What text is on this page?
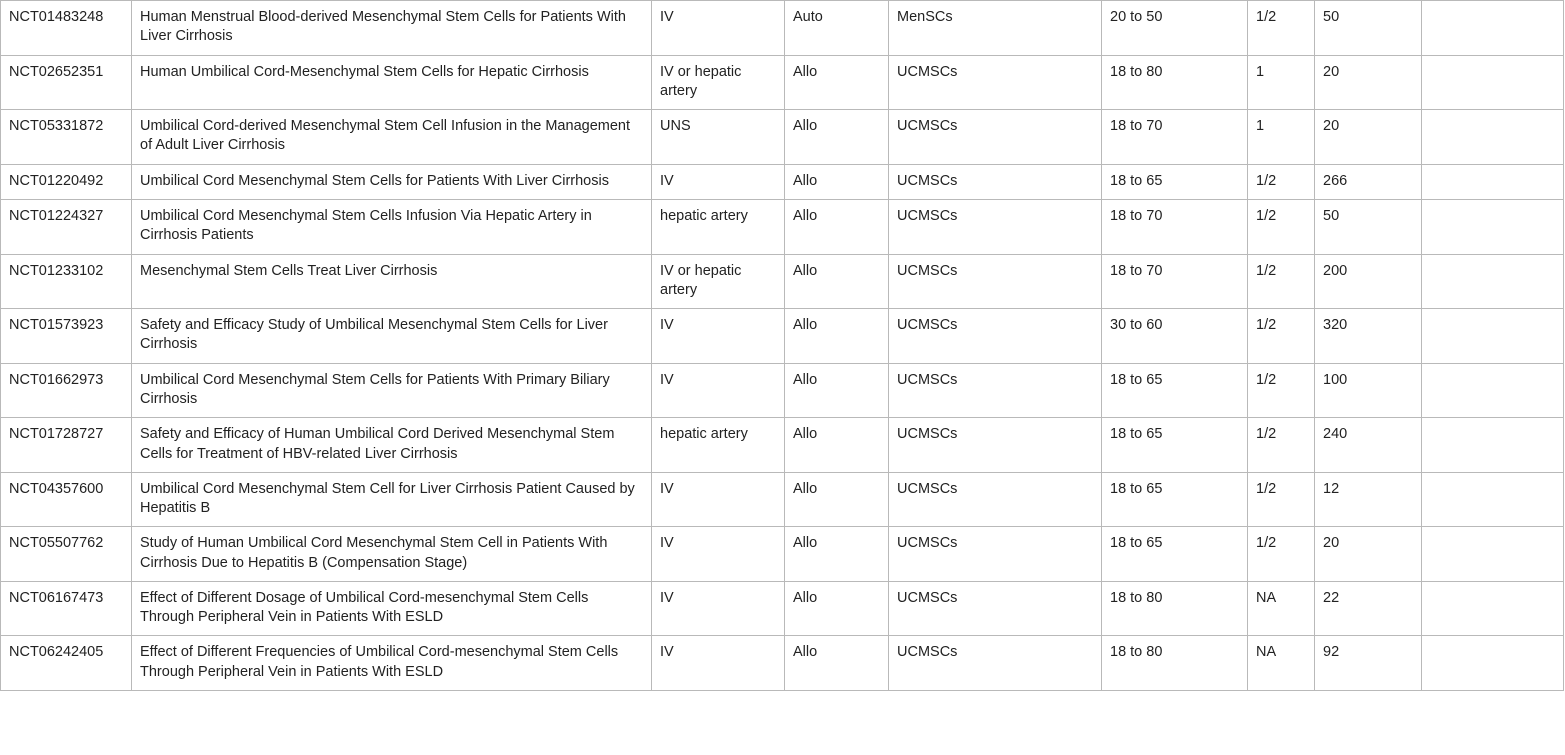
NCT01483248	Human Menstrual Blood-derived Mesenchymal Stem Cells for Patients With Liver Cirrhosis	IV	Auto	MenSCs	20 to 50	1/2	50	
NCT02652351	Human Umbilical Cord-Mesenchymal Stem Cells for Hepatic Cirrhosis	IV or hepatic artery	Allo	UCMSCs	18 to 80	1	20	
NCT05331872	Umbilical Cord-derived Mesenchymal Stem Cell Infusion in the Management of Adult Liver Cirrhosis	UNS	Allo	UCMSCs	18 to 70	1	20	
NCT01220492	Umbilical Cord Mesenchymal Stem Cells for Patients With Liver Cirrhosis	IV	Allo	UCMSCs	18 to 65	1/2	266	
NCT01224327	Umbilical Cord Mesenchymal Stem Cells Infusion Via Hepatic Artery in Cirrhosis Patients	hepatic artery	Allo	UCMSCs	18 to 70	1/2	50	
NCT01233102	Mesenchymal Stem Cells Treat Liver Cirrhosis	IV or hepatic artery	Allo	UCMSCs	18 to 70	1/2	200	
NCT01573923	Safety and Efficacy Study of Umbilical Mesenchymal Stem Cells for Liver Cirrhosis	IV	Allo	UCMSCs	30 to 60	1/2	320	
NCT01662973	Umbilical Cord Mesenchymal Stem Cells for Patients With Primary Biliary Cirrhosis	IV	Allo	UCMSCs	18 to 65	1/2	100	
NCT01728727	Safety and Efficacy of Human Umbilical Cord Derived Mesenchymal Stem Cells for Treatment of HBV-related Liver Cirrhosis	hepatic artery	Allo	UCMSCs	18 to 65	1/2	240	
NCT04357600	Umbilical Cord Mesenchymal Stem Cell for Liver Cirrhosis Patient Caused by Hepatitis B	IV	Allo	UCMSCs	18 to 65	1/2	12	
NCT05507762	Study of Human Umbilical Cord Mesenchymal Stem Cell in Patients With Cirrhosis Due to Hepatitis B (Compensation Stage)	IV	Allo	UCMSCs	18 to 65	1/2	20	
NCT06167473	Effect of Different Dosage of Umbilical Cord-mesenchymal Stem Cells Through Peripheral Vein in Patients With ESLD	IV	Allo	UCMSCs	18 to 80	NA	22	
NCT06242405	Effect of Different Frequencies of Umbilical Cord-mesenchymal Stem Cells Through Peripheral Vein in Patients With ESLD	IV	Allo	UCMSCs	18 to 80	NA	92	
